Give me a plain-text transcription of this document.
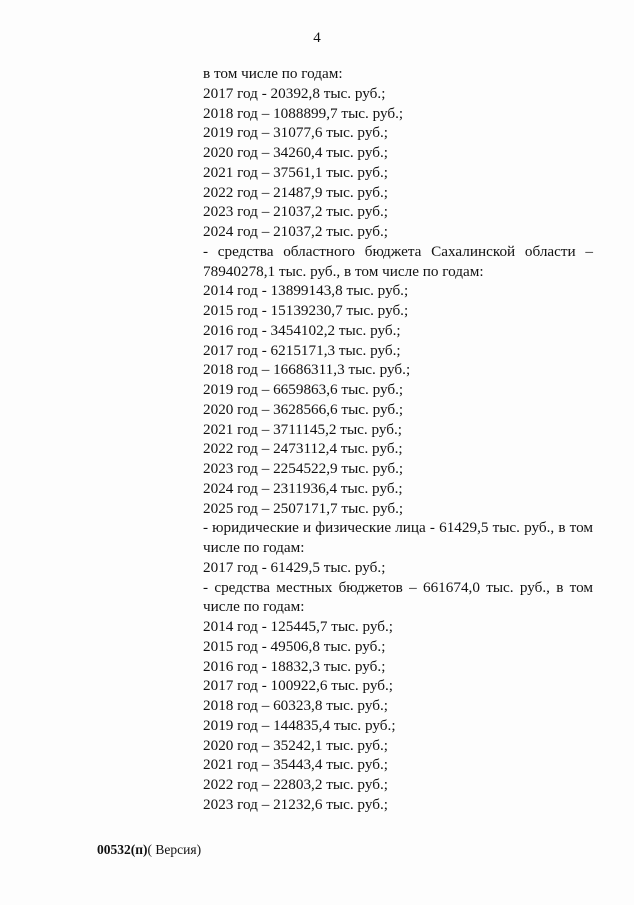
4
в том числе по годам:
2017 год - 20392,8 тыс. руб.;
2018 год – 1088899,7 тыс. руб.;
2019 год – 31077,6 тыс. руб.;
2020 год – 34260,4 тыс. руб.;
2021 год – 37561,1 тыс. руб.;
2022 год – 21487,9 тыс. руб.;
2023 год – 21037,2 тыс. руб.;
2024 год – 21037,2 тыс. руб.;
- средства областного бюджета Сахалинской области –
78940278,1 тыс. руб., в том числе по годам:
2014 год - 13899143,8 тыс. руб.;
2015 год - 15139230,7 тыс. руб.;
2016 год - 3454102,2 тыс. руб.;
2017 год - 6215171,3 тыс. руб.;
2018 год – 16686311,3 тыс. руб.;
2019 год – 6659863,6 тыс. руб.;
2020 год – 3628566,6 тыс. руб.;
2021 год – 3711145,2 тыс. руб.;
2022 год – 2473112,4 тыс. руб.;
2023 год – 2254522,9 тыс. руб.;
2024 год – 2311936,4 тыс. руб.;
2025 год – 2507171,7 тыс. руб.;
- юридические и физические лица - 61429,5 тыс. руб., в том
числе по годам:
2017 год - 61429,5 тыс. руб.;
- средства местных бюджетов – 661674,0 тыс. руб., в том
числе по годам:
2014 год - 125445,7 тыс. руб.;
2015 год - 49506,8 тыс. руб.;
2016 год - 18832,3 тыс. руб.;
2017 год - 100922,6 тыс. руб.;
2018 год – 60323,8 тыс. руб.;
2019 год – 144835,4 тыс. руб.;
2020 год – 35242,1 тыс. руб.;
2021 год – 35443,4 тыс. руб.;
2022 год – 22803,2 тыс. руб.;
2023 год – 21232,6 тыс. руб.;
00532(п)( Версия)
